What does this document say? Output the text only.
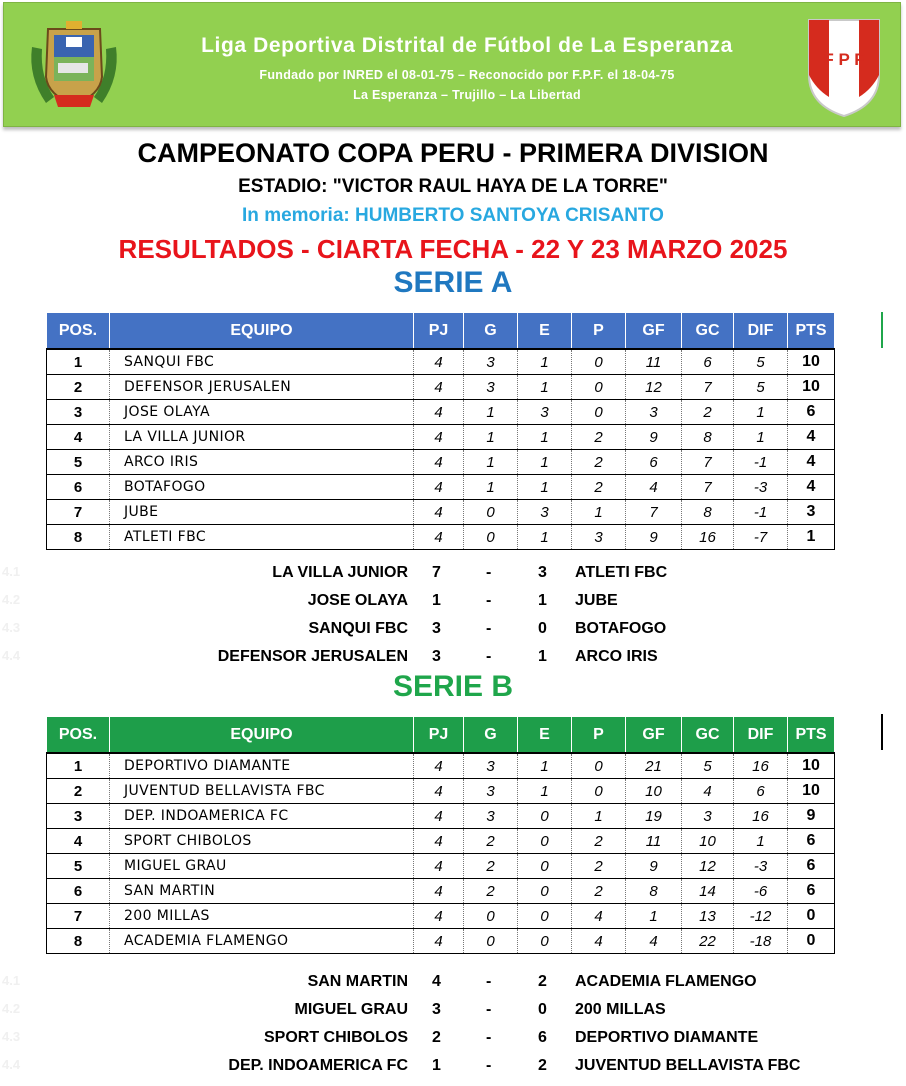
Liga Deportiva Distrital de Fútbol de La Esperanza
Fundado por INRED el 08-01-75 – Reconocido por F.P.F. el 18-04-75
La Esperanza – Trujillo – La Libertad
F P F
CAMPEONATO COPA PERU - PRIMERA DIVISION
ESTADIO: "VICTOR RAUL HAYA DE LA TORRE"
In memoria: HUMBERTO SANTOYA CRISANTO
RESULTADOS - CIARTA FECHA - 22 Y 23 MARZO 2025
SERIE A
POS.	EQUIPO	PJ	G	E	P	GF	GC	DIF	PTS
1	SANQUI FBC	4	3	1	0	11	6	5	10
2	DEFENSOR JERUSALEN	4	3	1	0	12	7	5	10
3	JOSE OLAYA	4	1	3	0	3	2	1	6
4	LA VILLA JUNIOR	4	1	1	2	9	8	1	4
5	ARCO IRIS	4	1	1	2	6	7	-1	4
6	BOTAFOGO	4	1	1	2	4	7	-3	4
7	JUBE	4	0	3	1	7	8	-1	3
8	ATLETI FBC	4	0	1	3	9	16	-7	1
4.1	LA VILLA JUNIOR 7	-	3 ATLETI FBC
4.2	JOSE OLAYA 1	-	1 JUBE
4.3	SANQUI FBC 3	-	0 BOTAFOGO
4.4	DEFENSOR JERUSALEN 3	-	1 ARCO IRIS
SERIE B
POS.	EQUIPO	PJ	G	E	P	GF	GC	DIF	PTS
1	DEPORTIVO DIAMANTE	4	3	1	0	21	5	16	10
2	JUVENTUD BELLAVISTA FBC	4	3	1	0	10	4	6	10
3	DEP. INDOAMERICA FC	4	3	0	1	19	3	16	9
4	SPORT CHIBOLOS	4	2	0	2	11	10	1	6
5	MIGUEL GRAU	4	2	0	2	9	12	-3	6
6	SAN MARTIN	4	2	0	2	8	14	-6	6
7	200 MILLAS	4	0	0	4	1	13	-12	0
8	ACADEMIA FLAMENGO	4	0	0	4	4	22	-18	0
4.1	SAN MARTIN 4	-	2 ACADEMIA FLAMENGO
4.2	MIGUEL GRAU 3	-	0 200 MILLAS
4.3	SPORT CHIBOLOS 2	-	6 DEPORTIVO DIAMANTE
4.4	DEP. INDOAMERICA FC 1	-	2 JUVENTUD BELLAVISTA FBC
